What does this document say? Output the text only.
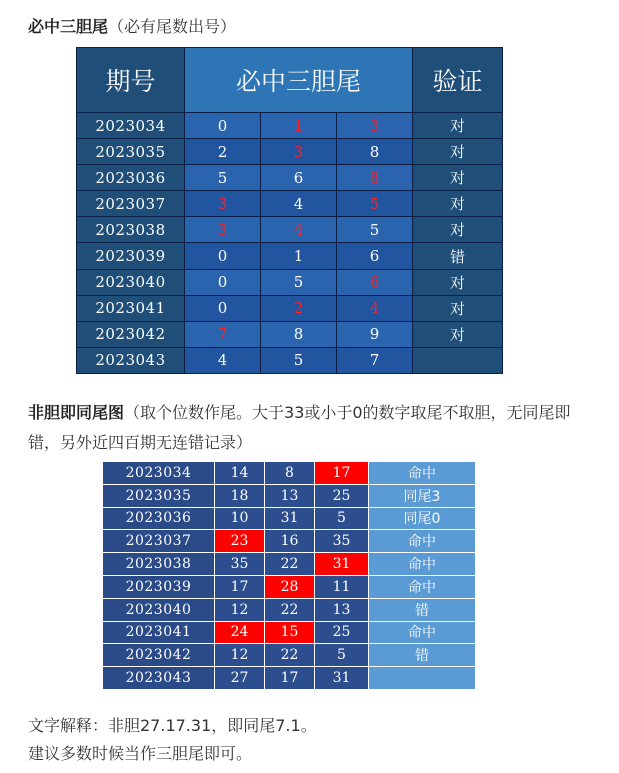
必中三胆尾（必有尾数出号）
期号	必中三胆尾			验证
2023034	0	1	3	对
2023035	2	3	8	对
2023036	5	6	8	对
2023037	3	4	5	对
2023038	3	4	5	对
2023039	0	1	6	错
2023040	0	5	6	对
2023041	0	2	4	对
2023042	7	8	9	对
2023043	4	5	7	
非胆即同尾图（取个位数作尾。大于33或小于0的数字取尾不取胆，无同尾即错，另外近四百期无连错记录）
2023034	14	8	17	命中
2023035	18	13	25	同尾3
2023036	10	31	5	同尾0
2023037	23	16	35	命中
2023038	35	22	31	命中
2023039	17	28	11	命中
2023040	12	22	13	错
2023041	24	15	25	命中
2023042	12	22	5	错
2023043	27	17	31	
文字解释：非胆27.17.31，即同尾7.1。
建议多数时候当作三胆尾即可。
